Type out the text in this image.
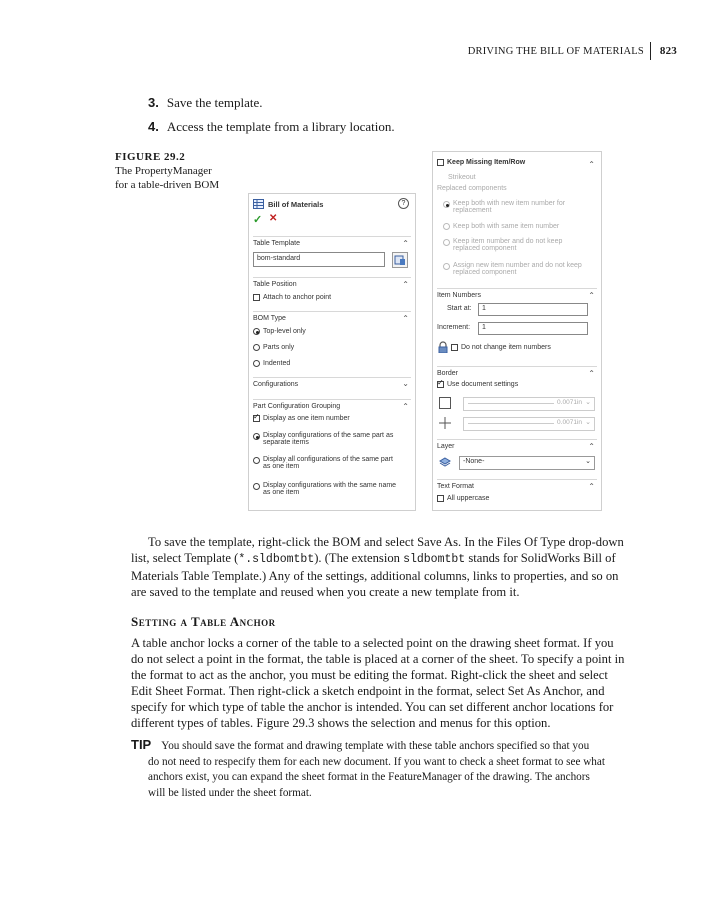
DRIVING THE BILL OF MATERIALS	823
3. Save the template.
4. Access the template from a library location.
FIGURE 29.2
The PropertyManager
for a table-driven BOM
Bill of Materials	?
✓ ✕
Table Template	⌃
bom-standard
Table Position	⌃
Attach to anchor point
BOM Type	⌃
Top-level only
Parts only
Indented
Configurations	⌄
Part Configuration Grouping	⌃
✓
Display as one item number
Display configurations of the same part as
separate items
Display all configurations of the same part
as one item
Display configurations with the same name
as one item
Keep Missing Item/Row	⌃
Strikeout
Replaced components
Keep both with new item number for
replacement
Keep both with same item number
Keep item number and do not keep
replaced component
Assign new item number and do not keep
replaced component
Item Numbers	⌃
Start at:	1
Increment:	1
Do not change item numbers
Border	⌃
✓
Use document settings
0.0071in ⌄
0.0071in ⌄
Layer	⌃
-None-	⌄
Text Format	⌃
All uppercase
To save the template, right-click the BOM and select Save As. In the Files Of Type drop-down
list, select Template (*.sldbomtbt). (The extension sldbomtbt stands for SolidWorks Bill of
Materials Table Template.) Any of the settings, additional columns, links to properties, and so on
are saved to the template and reused when you create a new template from it.
Setting a Table Anchor
A table anchor locks a corner of the table to a selected point on the drawing sheet format. If you
do not select a point in the format, the table is placed at a corner of the sheet. To specify a point in
the format to act as the anchor, you must be editing the format. Right-click the sheet and select
Edit Sheet Format. Then right-click a sketch endpoint in the format, select Set As Anchor, and
specify for which type of table the anchor is intended. You can set different anchor locations for
different types of tables. Figure 29.3 shows the selection and menus for this option.
TIP You should save the format and drawing template with these table anchors specified so that you
do not need to respecify them for each new document. If you want to check a sheet format to see what
anchors exist, you can expand the sheet format in the FeatureManager of the drawing. The anchors
will be listed under the sheet format.
